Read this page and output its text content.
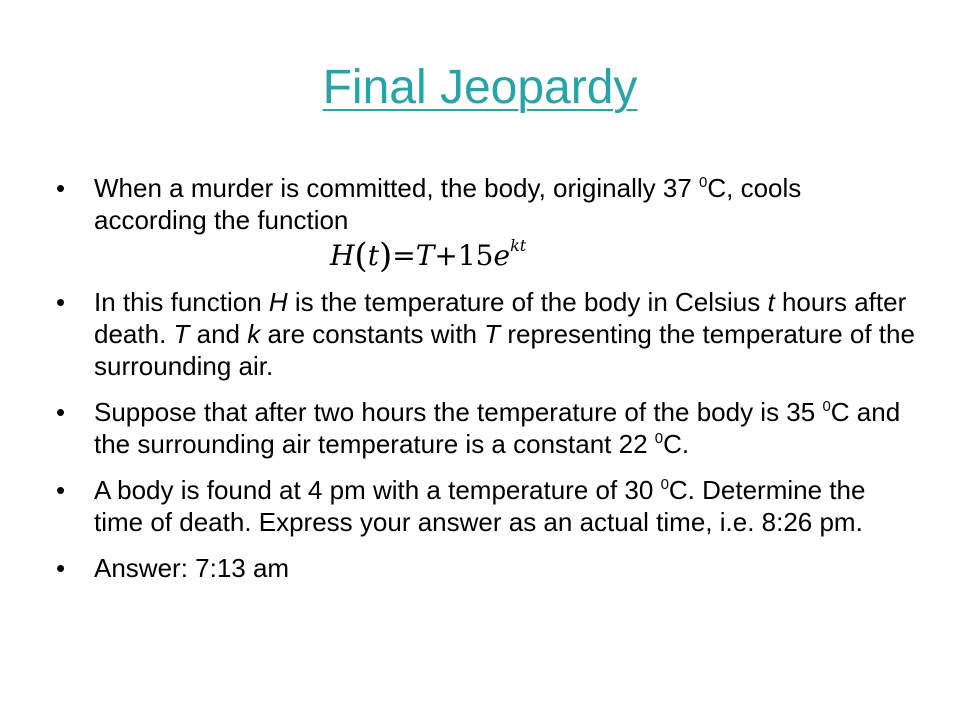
Final Jeopardy
• When a murder is committed, the body, originally 37 $^0$C, cools according the function
$H(t)=T+15e^{kt}$
• In this function H is the temperature of the body in Celsius t hours after death. T and k are constants with T representing the temperature of the surrounding air.
• Suppose that after two hours the temperature of the body is 35 $^0$C and the surrounding air temperature is a constant 22 $^0$C.
• A body is found at 4 pm with a temperature of 30 $^0$C. Determine the time of death. Express your answer as an actual time, i.e. 8:26 pm.
• Answer: 7:13 am
